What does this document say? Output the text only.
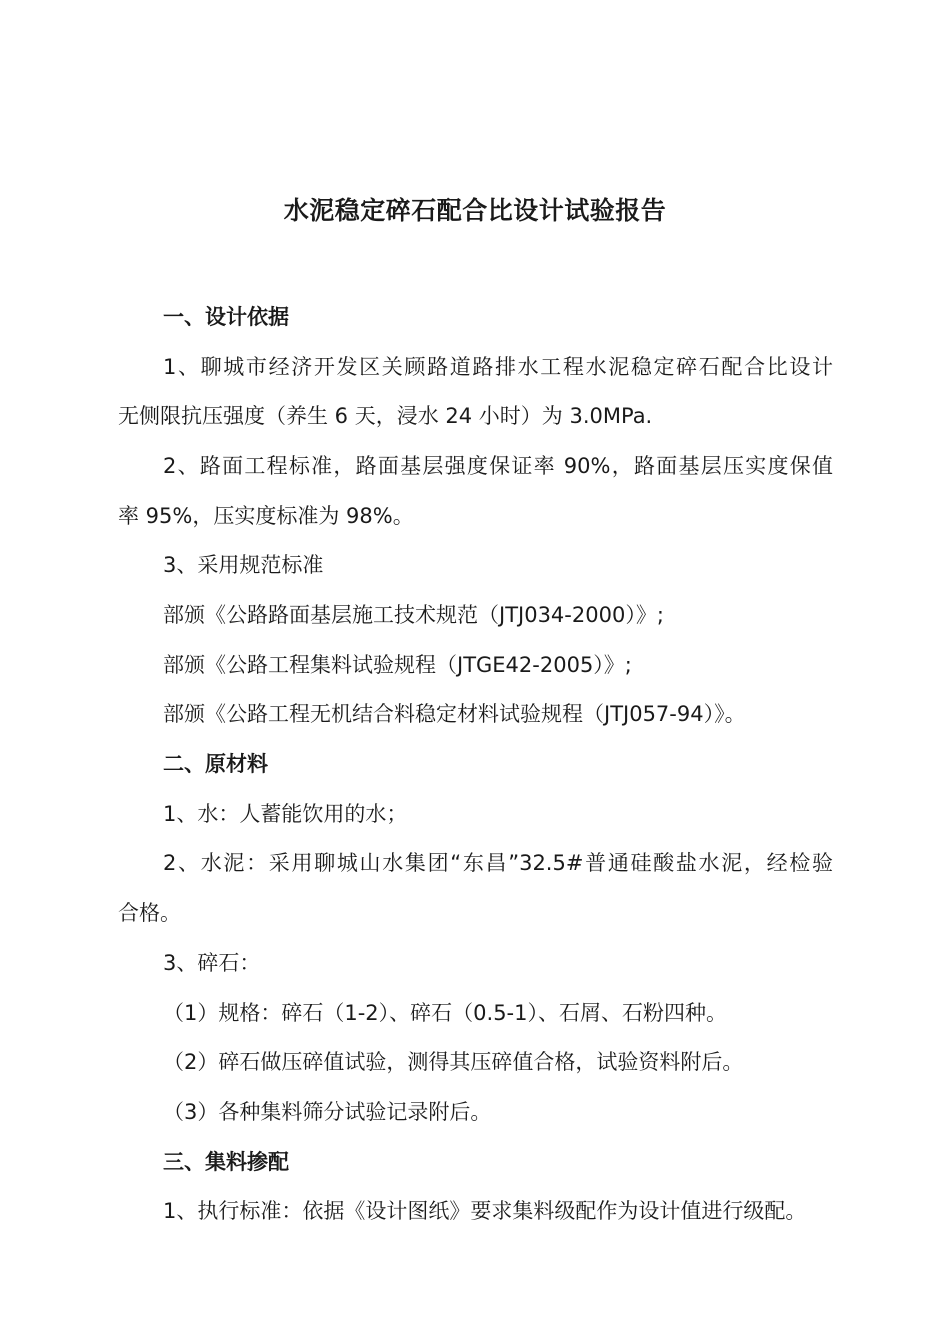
水泥稳定碎石配合比设计试验报告
一、设计依据
1、聊城市经济开发区关顾路道路排水工程水泥稳定碎石配合比设计
无侧限抗压强度（养生 6 天，浸水 24 小时）为 3.0MPa.
2、路面工程标准，路面基层强度保证率 90%，路面基层压实度保值
率 95%，压实度标准为 98%。
3、采用规范标准
部颁《公路路面基层施工技术规范（JTJ034-2000）》;
部颁《公路工程集料试验规程（JTGE42-2005）》;
部颁《公路工程无机结合料稳定材料试验规程（JTJ057-94）》。
二、原材料
1、水：人蓄能饮用的水；
2、水泥：采用聊城山水集团“东昌”32.5#普通硅酸盐水泥，经检验
合格。
3、碎石：
（1）规格：碎石（1-2）、碎石（0.5-1）、石屑、石粉四种。
（2）碎石做压碎值试验，测得其压碎值合格，试验资料附后。
（3）各种集料筛分试验记录附后。
三、集料掺配
1、执行标准：依据《设计图纸》要求集料级配作为设计值进行级配。
